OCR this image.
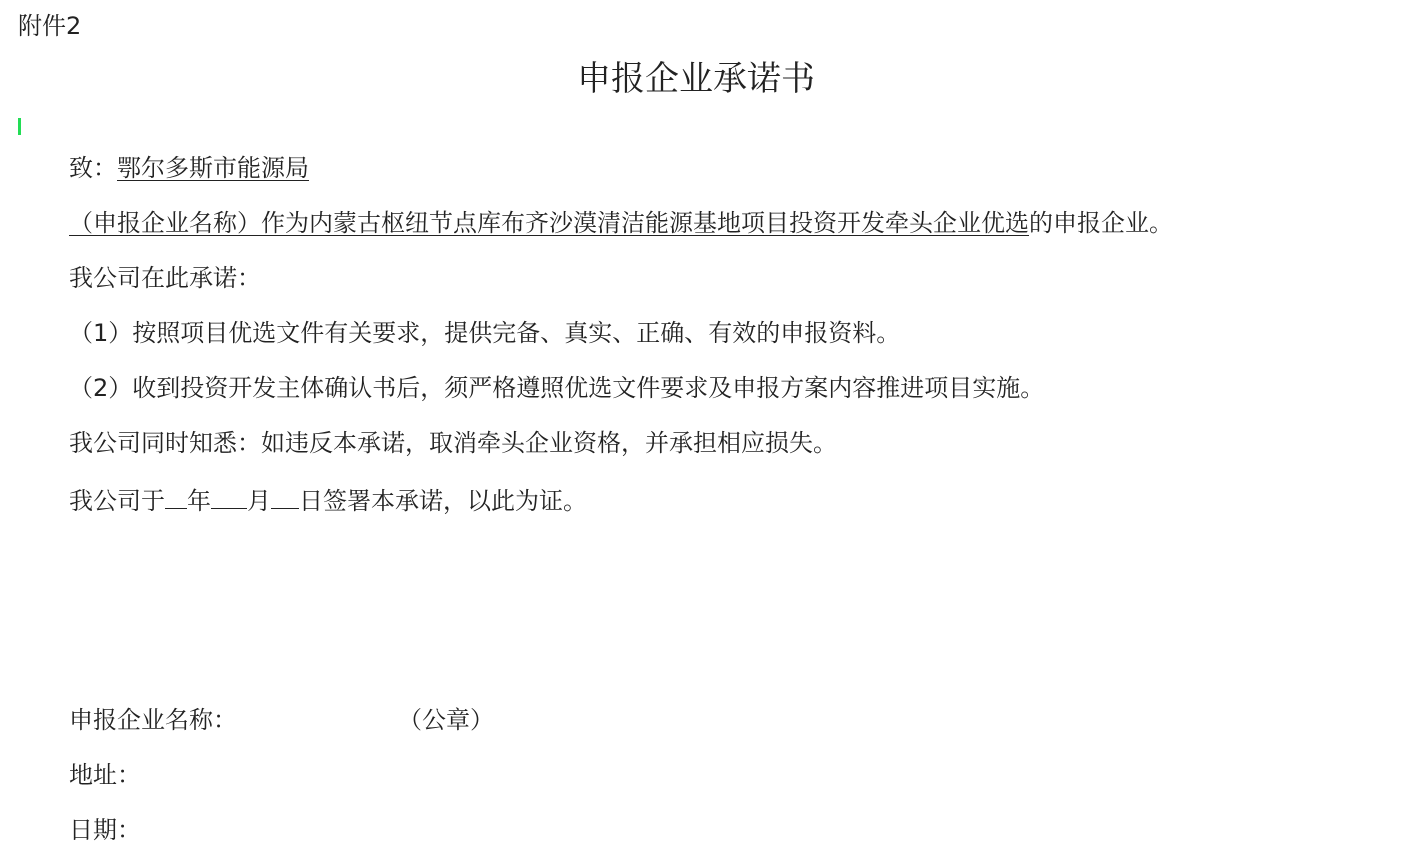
附件2
申报企业承诺书
致：鄂尔多斯市能源局
（申报企业名称）作为内蒙古枢纽节点库布齐沙漠清洁能源基地项目投资开发牵头企业优选的申报企业。
我公司在此承诺：
（1）按照项目优选文件有关要求，提供完备、真实、正确、有效的申报资料。
（2）收到投资开发主体确认书后，须严格遵照优选文件要求及申报方案内容推进项目实施。
我公司同时知悉：如违反本承诺，取消牵头企业资格，并承担相应损失。
我公司于 年 月 日签署本承诺，以此为证。
申报企业名称：	（公章）
地址：
日期：
